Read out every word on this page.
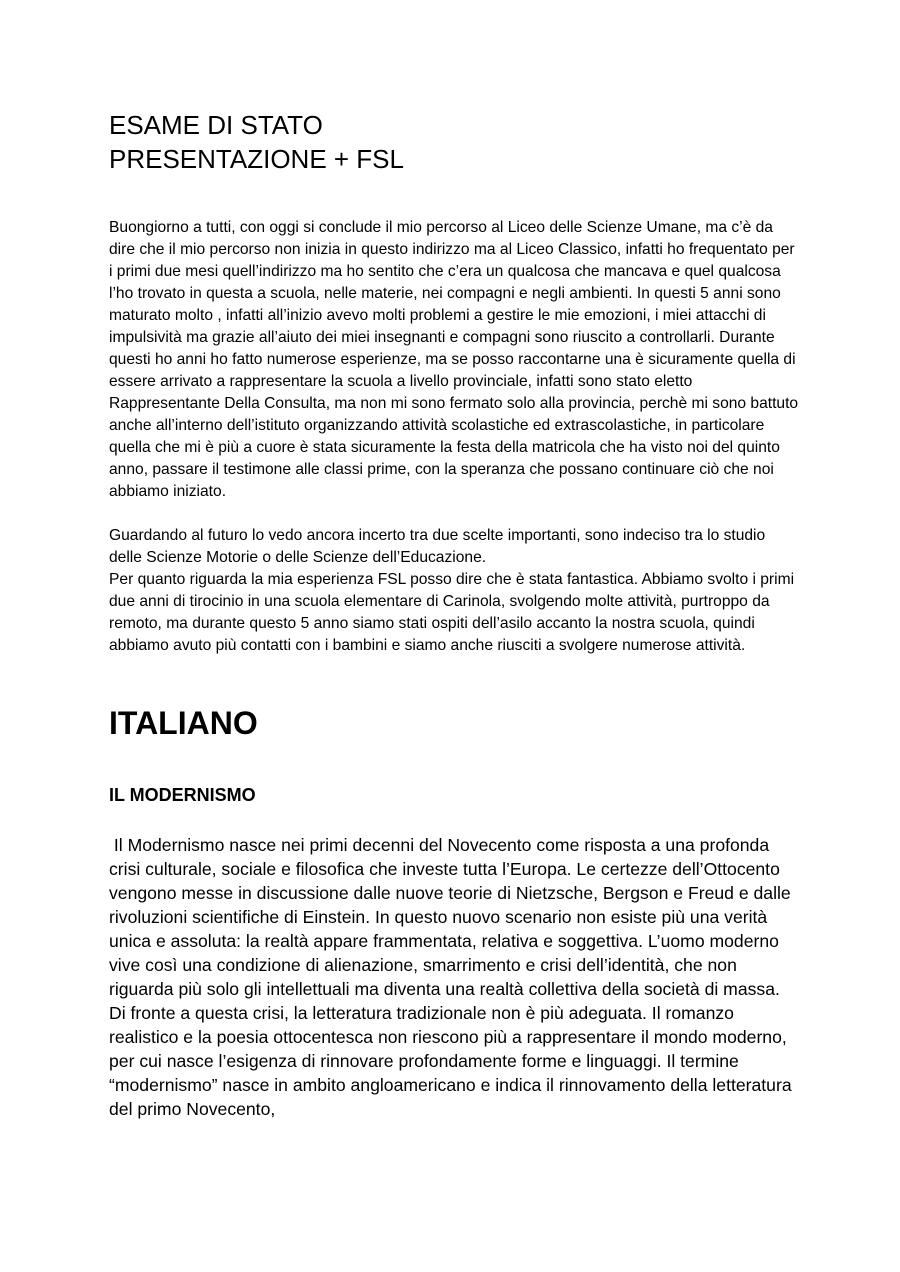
ESAME DI STATO

PRESENTAZIONE + FSL

Buongiorno a tutti, con oggi si conclude il mio percorso al Liceo delle Scienze Umane, ma c’è da dire che il mio percorso non inizia in questo indirizzo ma al Liceo Classico, infatti ho frequentato per i primi due mesi quell’indirizzo ma ho sentito che c’era un qualcosa che mancava e quel qualcosa l’ho trovato in questa a scuola, nelle materie, nei compagni e negli ambienti. In questi 5 anni sono maturato molto , infatti all’inizio avevo molti problemi a gestire le mie emozioni, i miei attacchi di impulsività ma grazie all’aiuto dei miei insegnanti e compagni sono riuscito a controllarli. Durante questi ho anni ho fatto numerose esperienze, ma se posso raccontarne una è sicuramente quella di essere arrivato a rappresentare la scuola a livello provinciale, infatti sono stato eletto Rappresentante Della Consulta, ma non mi sono fermato solo alla provincia, perchè mi sono battuto anche all’interno dell’istituto organizzando attività scolastiche ed extrascolastiche, in particolare quella che mi è più a cuore è stata sicuramente la festa della matricola che ha visto noi del quinto anno, passare il testimone alle classi prime, con la speranza che possano continuare ciò che noi abbiamo iniziato.

Guardando al futuro lo vedo ancora incerto tra due scelte importanti, sono indeciso tra lo studio delle Scienze Motorie o delle Scienze dell’Educazione.

Per quanto riguarda la mia esperienza FSL posso dire che è stata fantastica. Abbiamo svolto i primi due anni di tirocinio in una scuola elementare di Carinola, svolgendo molte attività, purtroppo da remoto, ma durante questo 5 anno siamo stati ospiti dell’asilo accanto la nostra scuola, quindi abbiamo avuto più contatti con i bambini e siamo anche riusciti a svolgere numerose attività.

ITALIANO
IL MODERNISMO

Il Modernismo nasce nei primi decenni del Novecento come risposta a una profonda crisi culturale, sociale e filosofica che investe tutta l’Europa. Le certezze dell’Ottocento vengono messe in discussione dalle nuove teorie di Nietzsche, Bergson e Freud e dalle rivoluzioni scientifiche di Einstein. In questo nuovo scenario non esiste più una verità unica e assoluta: la realtà appare frammentata, relativa e soggettiva. L’uomo moderno vive così una condizione di alienazione, smarrimento e crisi dell’identità, che non riguarda più solo gli intellettuali ma diventa una realtà collettiva della società di massa. Di fronte a questa crisi, la letteratura tradizionale non è più adeguata. Il romanzo realistico e la poesia ottocentesca non riescono più a rappresentare il mondo moderno, per cui nasce l’esigenza di rinnovare profondamente forme e linguaggi. Il termine “modernismo” nasce in ambito angloamericano e indica il rinnovamento della letteratura del primo Novecento,
